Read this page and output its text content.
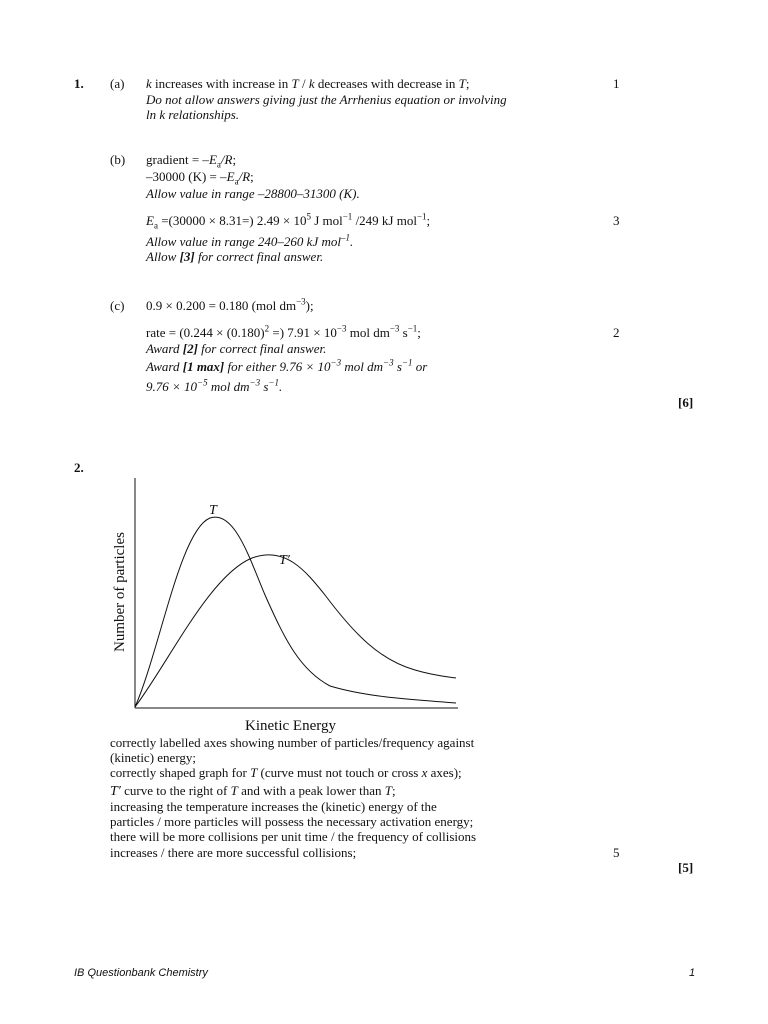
1. (a) k increases with increase in T / k decreases with decrease in T;
Do not allow answers giving just the Arrhenius equation or involving
ln k relationships.
1
(b) gradient = $-E_a/R$;
–30000 $(K) = -E_a/R$;
Allow value in range –28800–31300 (K).
$E_a =(30000 \times 8.31=) 2.49 \times 10^5$ J mol$^{-1}$ /249 kJ mol$^{-1}$;	3
Allow value in range 240–260 kJ mol$^{-1}$.
Allow [3] for correct final answer.
(c) 0.9 × 0.200 = 0.180 (mol $dm^{-3}$);
rate = ($0.244 \times (0.180)^2$ =) $7.91 \times 10^{-3}$ mol $dm^{-3}$ $s^{-1}$;	2
Award [2] for correct final answer.
Award [1 max] for either $9.76 \times 10^{-3}$ mol $dm^{-3}$ $s^{-1}$ or
$9.76 \times 10^{-5}$ mol $dm^{-3}$ $s^{-1}$.
[6]
2.
T
T′
Number of particles
Kinetic Energy
correctly labelled axes showing number of particles/frequency against
(kinetic) energy;
correctly shaped graph for T (curve must not touch or cross x axes);
T′ curve to the right of T and with a peak lower than T;
increasing the temperature increases the (kinetic) energy of the
particles / more particles will possess the necessary activation energy;
there will be more collisions per unit time / the frequency of collisions
increases / there are more successful collisions;	5
[5]
IB Questionbank Chemistry	1
